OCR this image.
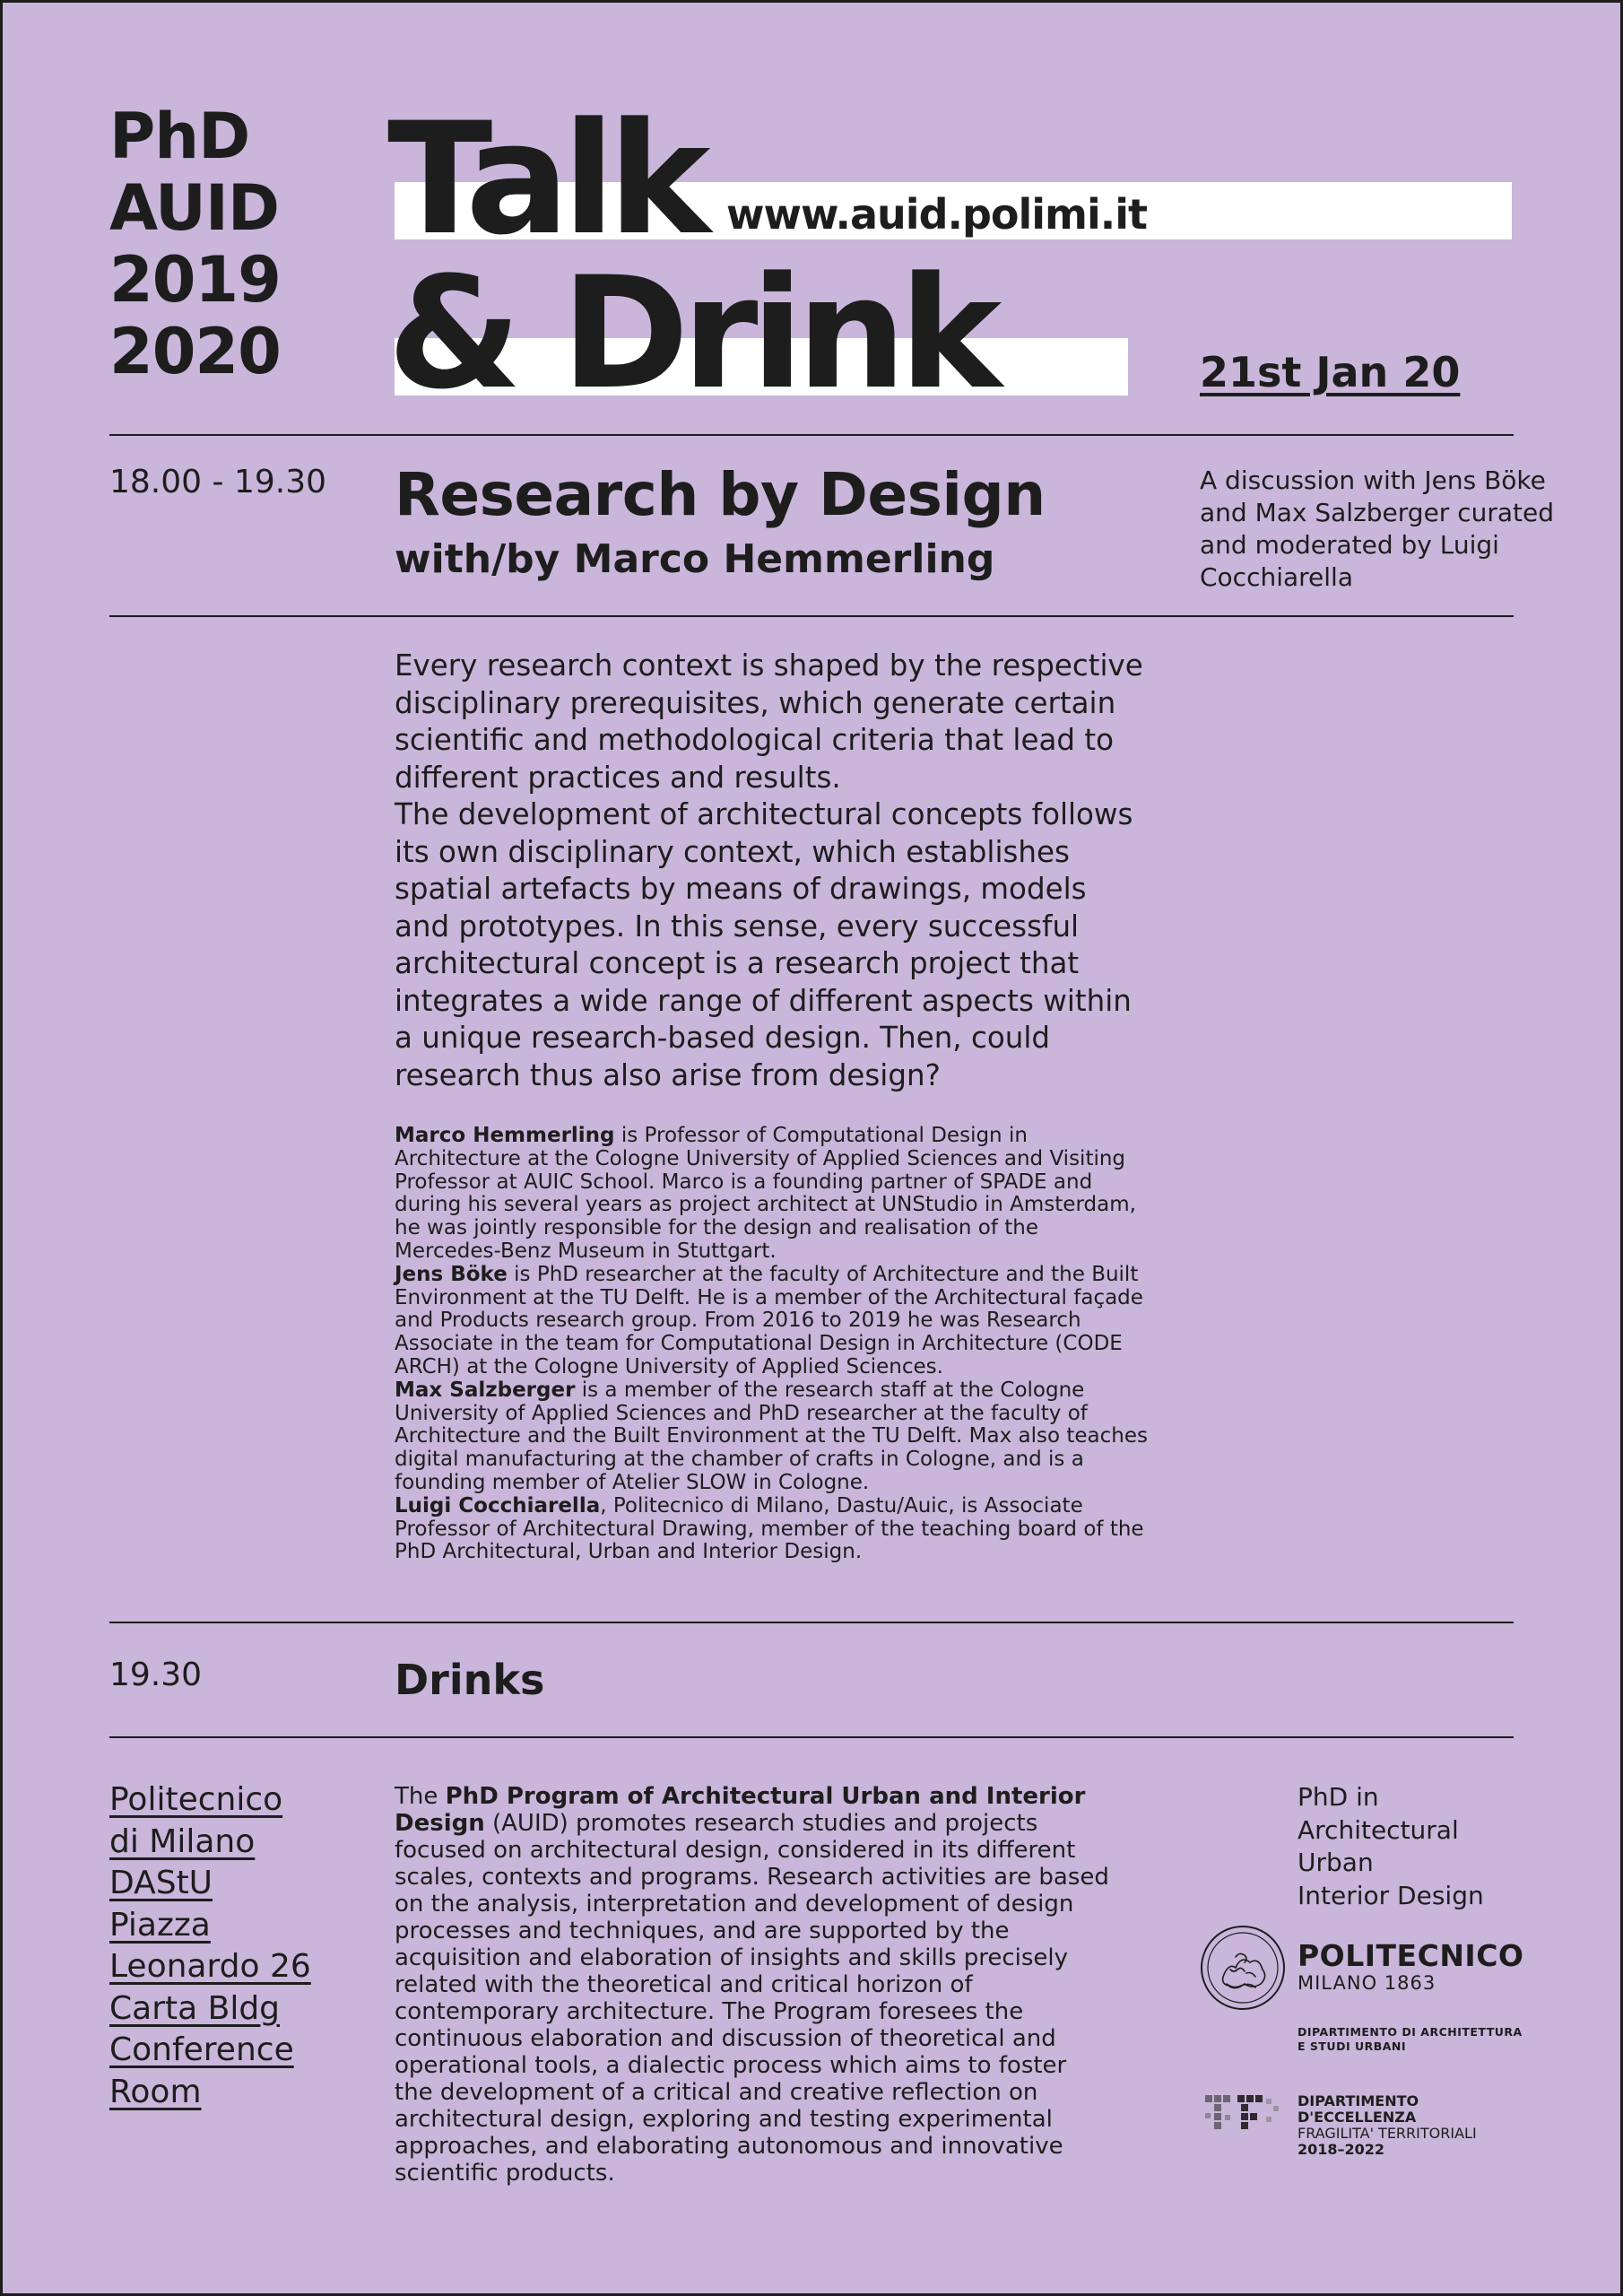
PhD
AUID
2019
2020
Talk
& Drink
www.auid.polimi.it
21st Jan 20
18.00 - 19.30 Research by Design
with/by Marco Hemmerling
A discussion with Jens Böke and Max Salzberger curated and moderated by Luigi Cocchiarella
Every research context is shaped by the respective disciplinary prerequisites, which generate certain scientific and methodological criteria that lead to different practices and results.
The development of architectural concepts follows its own disciplinary context, which establishes spatial artefacts by means of drawings, models and prototypes. In this sense, every successful architectural concept is a research project that integrates a wide range of different aspects within a unique research-based design. Then, could research thus also arise from design?

Marco Hemmerling is Professor of Computational Design in Architecture at the Cologne University of Applied Sciences and Visiting Professor at AUIC School. Marco is a founding partner of SPADE and during his several years as project architect at UNStudio in Amsterdam, he was jointly responsible for the design and realisation of the Mercedes-Benz Museum in Stuttgart.

Jens Böke is PhD researcher at the faculty of Architecture and the Built Environment at the TU Delft. He is a member of the Architectural façade and Products research group. From 2016 to 2019 he was Research Associate in the team for Computational Design in Architecture (CODE ARCH) at the Cologne University of Applied Sciences.

Max Salzberger is a member of the research staff at the Cologne University of Applied Sciences and PhD researcher at the faculty of Architecture and the Built Environment at the TU Delft. Max also teaches digital manufacturing at the chamber of crafts in Cologne, and is a founding member of Atelier SLOW in Cologne.

Luigi Cocchiarella, Politecnico di Milano, Dastu/Auic, is Associate Professor of Architectural Drawing, member of the teaching board of the PhD Architectural, Urban and Interior Design.

19.30	Drinks
Politecnico
di Milano
DAStU
Piazza
Leonardo 26
Carta Bldg
Conference
Room
The PhD Program of Architectural Urban and Interior Design (AUID) promotes research studies and projects focused on architectural design, considered in its different scales, contexts and programs. Research activities are based on the analysis, interpretation and development of design processes and techniques, and are supported by the acquisition and elaboration of insights and skills precisely related with the theoretical and critical horizon of contemporary architecture. The Program foresees the continuous elaboration and discussion of theoretical and operational tools, a dialectic process which aims to foster the development of a critical and creative reflection on architectural design, exploring and testing experimental approaches, and elaborating autonomous and innovative scientific products.
PhD in
Architectural
Urban
Interior Design
POLITECNICO
MILANO 1863
DIPARTIMENTO DI ARCHITETTURA
E STUDI URBANI
DIPARTIMENTO
D'ECCELLENZA
FRAGILITA' TERRITORIALI
2018–2022
